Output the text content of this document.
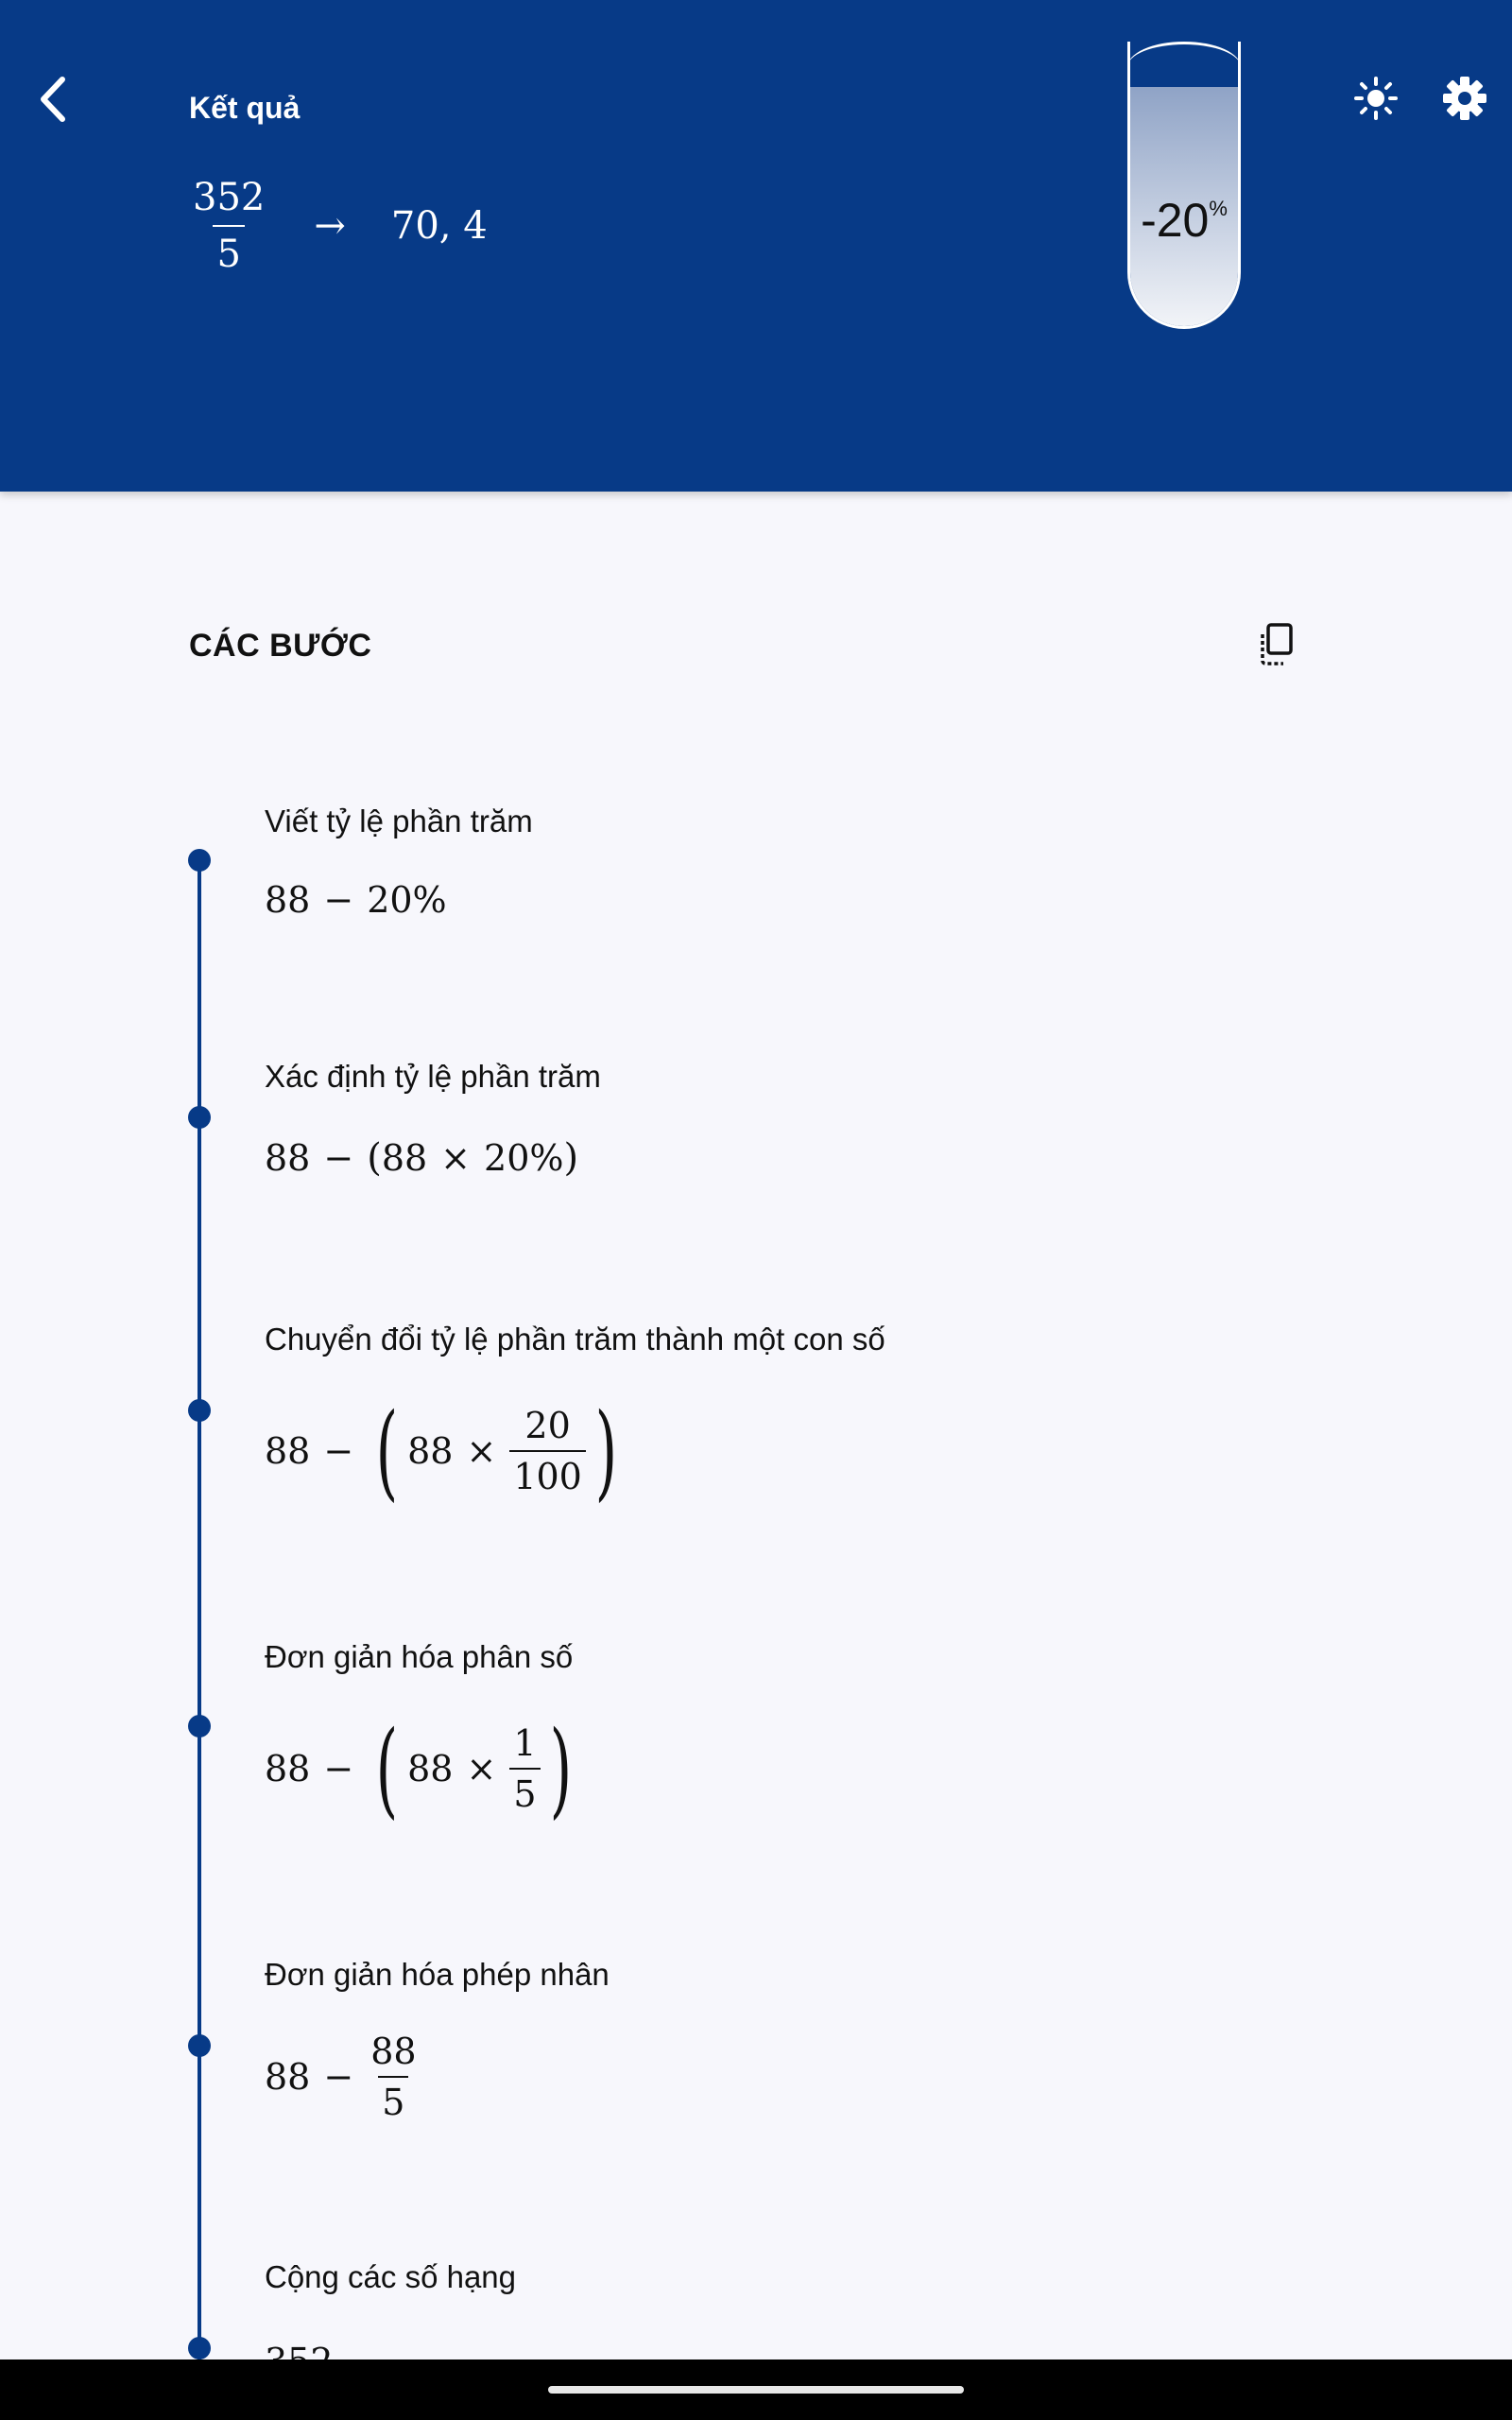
Kết quả
$\frac{352}{5} \to 70$, 4	-20%
CÁC BƯỚC
Viết tỷ lệ phần trăm
88 − 20%
Xác định tỷ lệ phần trăm
88 − ( 88 × 20% )
Chuyển đổi tỷ lệ phần trăm thành một con số
88 − ( $88 \times \frac{20}{100}$ )
Đơn giản hóa phân số
88 − ( $88 \times \frac{1}{5}$ )
Đơn giản hóa phép nhân
$88 - \frac{88}{5}$
Cộng các số hạng
